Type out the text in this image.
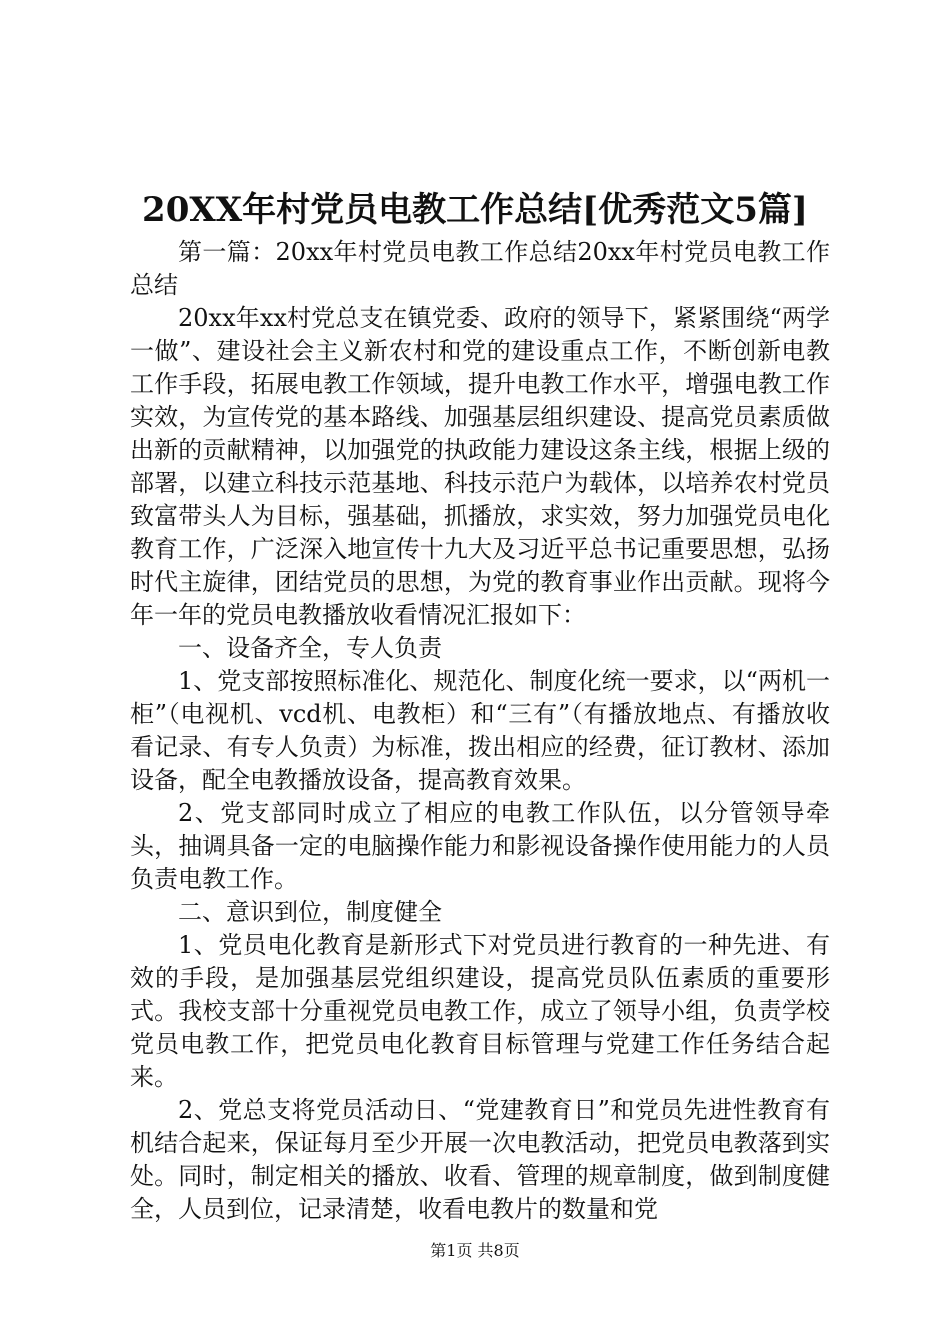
20XX年村党员电教工作总结[优秀范文5篇]

第一篇：20xx年村党员电教工作总结20xx年村党员电教工作总结

20xx年xx村党总支在镇党委、政府的领导下，紧紧围绕“两学一做”、建设社会主义新农村和党的建设重点工作，不断创新电教工作手段，拓展电教工作领域，提升电教工作水平，增强电教工作实效，为宣传党的基本路线、加强基层组织建设、提高党员素质做出新的贡献精神，以加强党的执政能力建设这条主线，根据上级的部署，以建立科技示范基地、科技示范户为载体，以培养农村党员致富带头人为目标，强基础，抓播放，求实效，努力加强党员电化教育工作，广泛深入地宣传十九大及习近平总书记重要思想，弘扬时代主旋律，团结党员的思想，为党的教育事业作出贡献。现将今年一年的党员电教播放收看情况汇报如下：

一、设备齐全，专人负责

1、党支部按照标准化、规范化、制度化统一要求，以“两机一柜”（电视机、vcd机、电教柜）和“三有”（有播放地点、有播放收看记录、有专人负责）为标准，拨出相应的经费，征订教材、添加设备，配全电教播放设备，提高教育效果。

2、党支部同时成立了相应的电教工作队伍，以分管领导牵头，抽调具备一定的电脑操作能力和影视设备操作使用能力的人员负责电教工作。

二、意识到位，制度健全

1、党员电化教育是新形式下对党员进行教育的一种先进、有效的手段，是加强基层党组织建设，提高党员队伍素质的重要形式。我校支部十分重视党员电教工作，成立了领导小组，负责学校党员电教工作，把党员电化教育目标管理与党建工作任务结合起来。

2、党总支将党员活动日、“党建教育日”和党员先进性教育有机结合起来，保证每月至少开展一次电教活动，把党员电教落到实处。同时，制定相关的播放、收看、管理的规章制度，做到制度健全，人员到位，记录清楚，收看电教片的数量和党

第1页 共8页
